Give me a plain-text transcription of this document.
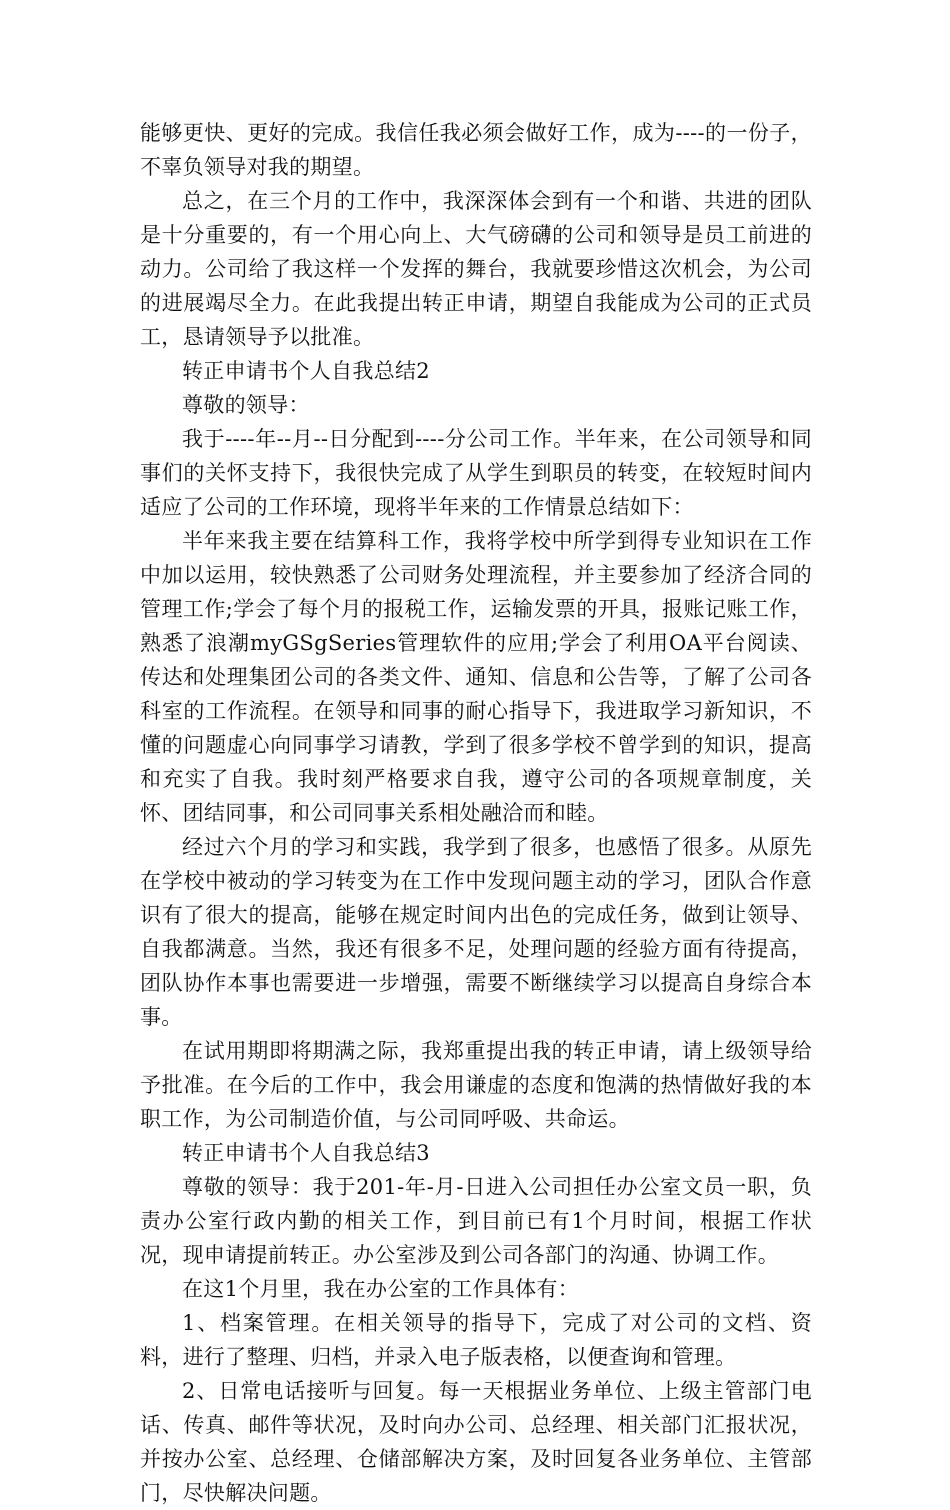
能够更快、更好的完成。我信任我必须会做好工作，成为----的一份子，不辜负领导对我的期望。

总之，在三个月的工作中，我深深体会到有一个和谐、共进的团队是十分重要的，有一个用心向上、大气磅礴的公司和领导是员工前进的动力。公司给了我这样一个发挥的舞台，我就要珍惜这次机会，为公司的进展竭尽全力。在此我提出转正申请，期望自我能成为公司的正式员工，恳请领导予以批准。

转正申请书个人自我总结2

尊敬的领导：

我于----年--月--日分配到----分公司工作。半年来，在公司领导和同事们的关怀支持下，我很快完成了从学生到职员的转变，在较短时间内适应了公司的工作环境，现将半年来的工作情景总结如下：

半年来我主要在结算科工作，我将学校中所学到得专业知识在工作中加以运用，较快熟悉了公司财务处理流程，并主要参加了经济合同的管理工作;学会了每个月的报税工作，运输发票的开具，报账记账工作，熟悉了浪潮myGSgSeries管理软件的应用;学会了利用OA平台阅读、传达和处理集团公司的各类文件、通知、信息和公告等，了解了公司各科室的工作流程。在领导和同事的耐心指导下，我进取学习新知识，不懂的问题虚心向同事学习请教，学到了很多学校不曾学到的知识，提高和充实了自我。我时刻严格要求自我，遵守公司的各项规章制度，关怀、团结同事，和公司同事关系相处融洽而和睦。

经过六个月的学习和实践，我学到了很多，也感悟了很多。从原先在学校中被动的学习转变为在工作中发现问题主动的学习，团队合作意识有了很大的提高，能够在规定时间内出色的完成任务，做到让领导、自我都满意。当然，我还有很多不足，处理问题的经验方面有待提高，团队协作本事也需要进一步增强，需要不断继续学习以提高自身综合本事。

在试用期即将期满之际，我郑重提出我的转正申请，请上级领导给予批准。在今后的工作中，我会用谦虚的态度和饱满的热情做好我的本职工作，为公司制造价值，与公司同呼吸、共命运。

转正申请书个人自我总结3

尊敬的领导：我于201-年-月-日进入公司担任办公室文员一职，负责办公室行政内勤的相关工作，到目前已有1个月时间，根据工作状况，现申请提前转正。办公室涉及到公司各部门的沟通、协调工作。

在这1个月里，我在办公室的工作具体有：

1、档案管理。在相关领导的指导下，完成了对公司的文档、资料，进行了整理、归档，并录入电子版表格，以便查询和管理。

2、日常电话接听与回复。每一天根据业务单位、上级主管部门电话、传真、邮件等状况，及时向办公司、总经理、相关部门汇报状况，并按办公室、总经理、仓储部解决方案，及时回复各业务单位、主管部门，尽快解决问题。
